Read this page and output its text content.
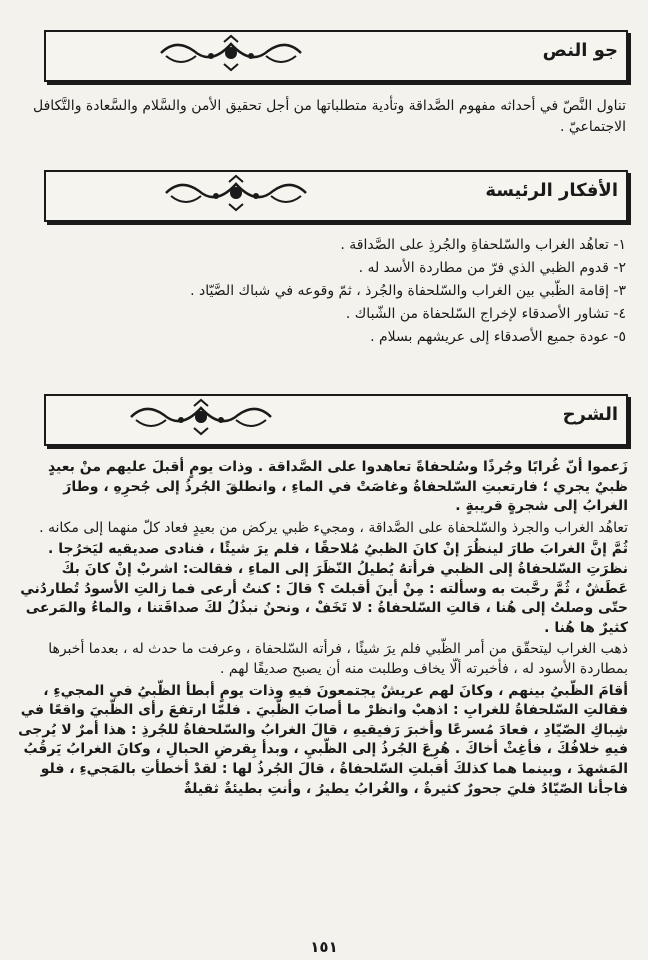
جو النص
تناول النَّصّ في أحداثه مفهوم الصَّداقة وتأدية متطلباتها من أجل تحقيق الأمن والسَّلام والسَّعادة والتَّكافل الاجتماعيّ .
الأفكار الرئيسة
١- تعاهُد الغراب والسّلحفاةِ والجُرذِ على الصَّداقة .
٢- قدوم الظبي الذي فرّ من مطاردة الأسد له .
٣- إقامة الظّبي بين الغراب والسّلحفاة والجُرذ ، ثمّ وقوعه في شباك الصَّيّاد .
٤- تشاور الأصدقاء لإخراج السّلحفاة من الشّباك .
٥- عودة جميع الأصدقاء إلى عريشهم بسلام .
الشرح

زَعموا أنّ غُرابًا وجُرذًا وسُلحفاةً تعاهدوا على الصَّداقة . وذات يومٍ أقبلَ عليهم منْ بعيدٍ ظبيٌ يجري ؛ فارتعبتِ السّلحفاةُ وغاصَتْ في الماءِ ، وانطلقَ الجُرذُ إلى جُحرِهِ ، وطارَ الغرابُ إلى شجرةٍ قريبةٍ .

تعاهُد الغراب والجرذ والسّلحفاة على الصَّداقة ، ومجيء ظبي يركض من بعيدٍ فعاد كلّ منهما إلى مكانه .

ثُمَّ إنَّ الغرابَ طارَ لينظُرَ إنْ كانَ الظبيُ مُلاحقًا ، فلم يرَ شيئًا ، فنادى صديقيه ليَخرُجا . نظرَتِ السّلحفاةُ إلى الظبي فرأتهُ يُطيلُ النّظَرَ إلى الماءِ ، فقالت: اشربْ إنْ كانَ بكَ عَطَشٌ ، ثُمَّ رحَّبت به وسألته : مِنْ أينَ أقبلتَ ؟ قالَ : كنتُ أرعى فما زالتِ الأسودُ تُطاردُني حتّى وصلتُ إلى هُنا ، قالتِ السّلحفاةُ : لا تَخَفْ ، ونحنُ نبذُلُ لكَ صداقَتنا ، والماءُ والمَرعى كثيرٌ ها هُنا .

ذهب الغراب ليتحقّق من أمر الظّبي فلم يرَ شيئًا ، فرأته السّلحفاة ، وعرفت ما حدث له ، بعدما أخبرها بمطاردة الأسود له ، فأخبرته ألّا يخاف وطلبت منه أن يصبح صديقًا لهم .

أقامَ الظّبيُ بينهم ، وكانَ لهم عريشٌ يجتمعونَ فيهِ وذات يومٍ أبطأ الظّبيُ في المجيءِ ، فقالتِ السّلحفاةُ للغرابِ : اذهبْ وانظرْ ما أصابَ الظّبيَ . فلمّا ارتفعَ رأى الظّبيَ واقعًا في شِباكِ الصّيّادِ ، فعادَ مُسرعًا وأخبرَ رَفيقيهِ ، قالَ الغرابُ والسّلحفاةُ للجُرذِ : هذا أمرٌ لا يُرجى فيهِ خلافُكَ ، فأغِثْ أخاكَ . هُرِعَ الجُرذُ إلى الظّبيِ ، وبدأ بِقرضِ الحبالِ ، وكانَ الغرابُ يَرقُبُ المَشهدَ ، وبينما هما كذلكَ أقبلتِ السّلحفاةُ ، قالَ الجُرذُ لها : لقدْ أخطأتِ بالمَجيءِ ، فلو فاجأنا الصّيّادُ فليَ جحورٌ كثيرةٌ ، والغُرابُ يطيرُ ، وأنتِ بطيئةٌ ثقيلةٌ

١٥١
